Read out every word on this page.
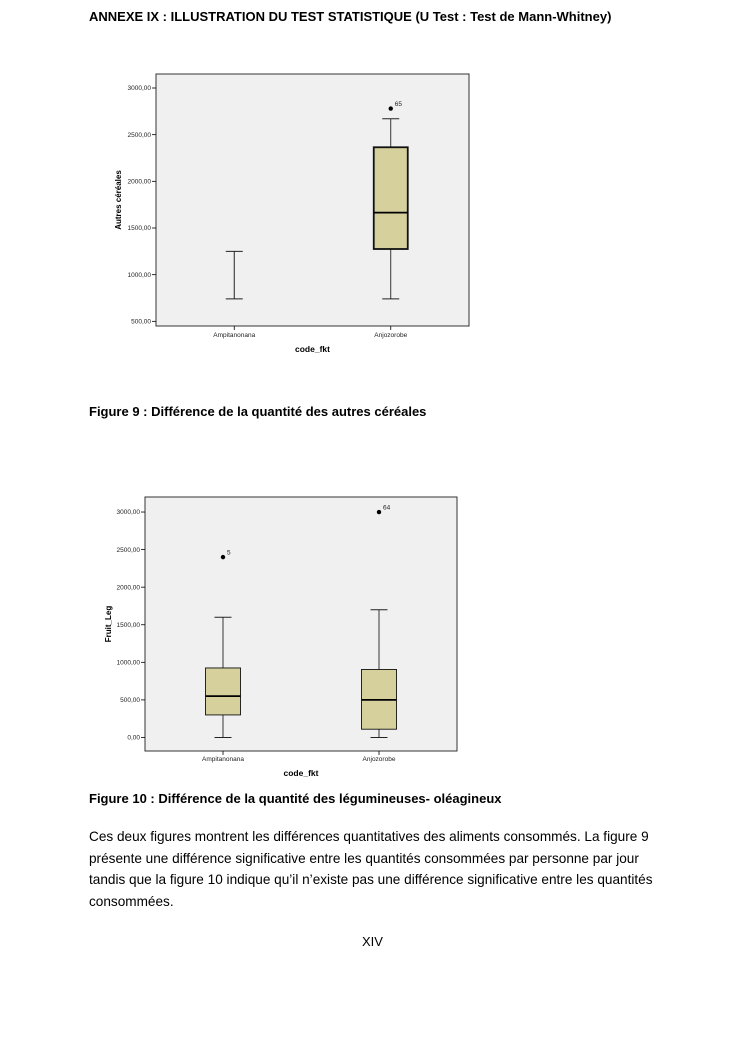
ANNEXE IX : ILLUSTRATION DU TEST STATISTIQUE (U Test : Test de Mann-Whitney)
500,00
1000,00
1500,00
2000,00
2500,00
3000,00
Ampitanonana	Anjozorobe
code_fkt
Autres céréales
65
Figure 9 : Différence de la quantité des autres céréales
0,00
500,00
1000,00
1500,00
2000,00
2500,00
3000,00
Ampitanonana	Anjozorobe
code_fkt
Fruit_Leg
5
64
Figure 10 : Différence de la quantité des légumineuses- oléagineux
Ces deux figures montrent les différences quantitatives des aliments consommés. La figure 9 présente une différence significative entre les quantités consommées par personne par jour tandis que la figure 10 indique qu’il n’existe pas une différence significative entre les quantités consommées.
XIV
